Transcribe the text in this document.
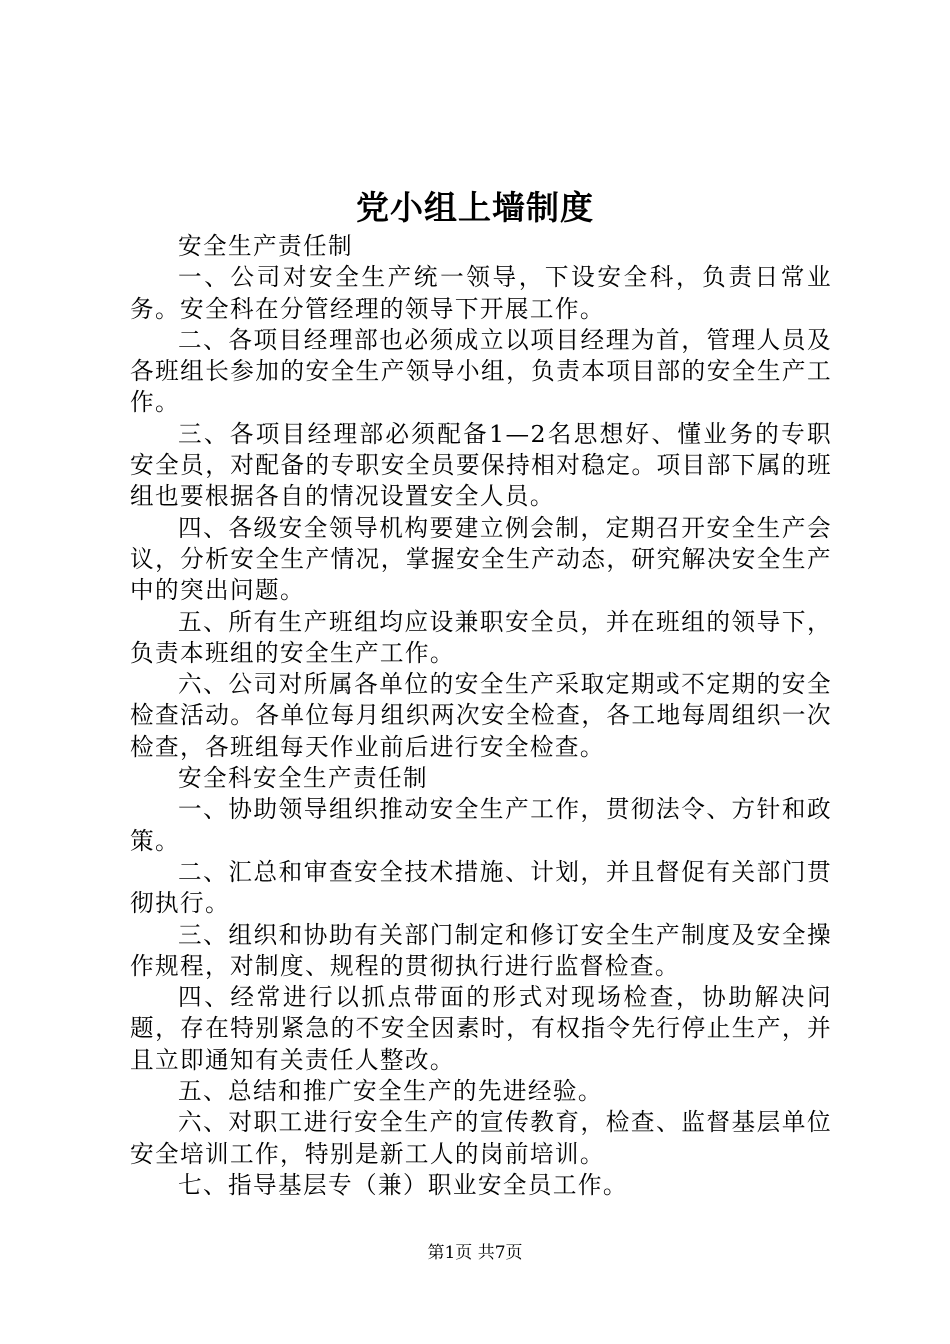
党小组上墙制度

安全生产责任制

一、公司对安全生产统一领导，下设安全科，负责日常业务。安全科在分管经理的领导下开展工作。

二、各项目经理部也必须成立以项目经理为首，管理人员及各班组长参加的安全生产领导小组，负责本项目部的安全生产工作。

三、各项目经理部必须配备1—2名思想好、懂业务的专职安全员，对配备的专职安全员要保持相对稳定。项目部下属的班组也要根据各自的情况设置安全人员。

四、各级安全领导机构要建立例会制，定期召开安全生产会议，分析安全生产情况，掌握安全生产动态，研究解决安全生产中的突出问题。

五、所有生产班组均应设兼职安全员，并在班组的领导下，负责本班组的安全生产工作。

六、公司对所属各单位的安全生产采取定期或不定期的安全检查活动。各单位每月组织两次安全检查，各工地每周组织一次检查，各班组每天作业前后进行安全检查。

安全科安全生产责任制

一、协助领导组织推动安全生产工作，贯彻法令、方针和政策。

二、汇总和审查安全技术措施、计划，并且督促有关部门贯彻执行。

三、组织和协助有关部门制定和修订安全生产制度及安全操作规程，对制度、规程的贯彻执行进行监督检查。

四、经常进行以抓点带面的形式对现场检查，协助解决问题，存在特别紧急的不安全因素时，有权指令先行停止生产，并且立即通知有关责任人整改。

五、总结和推广安全生产的先进经验。

六、对职工进行安全生产的宣传教育，检查、监督基层单位安全培训工作，特别是新工人的岗前培训。

七、指导基层专（兼）职业安全员工作。

第1页 共7页
